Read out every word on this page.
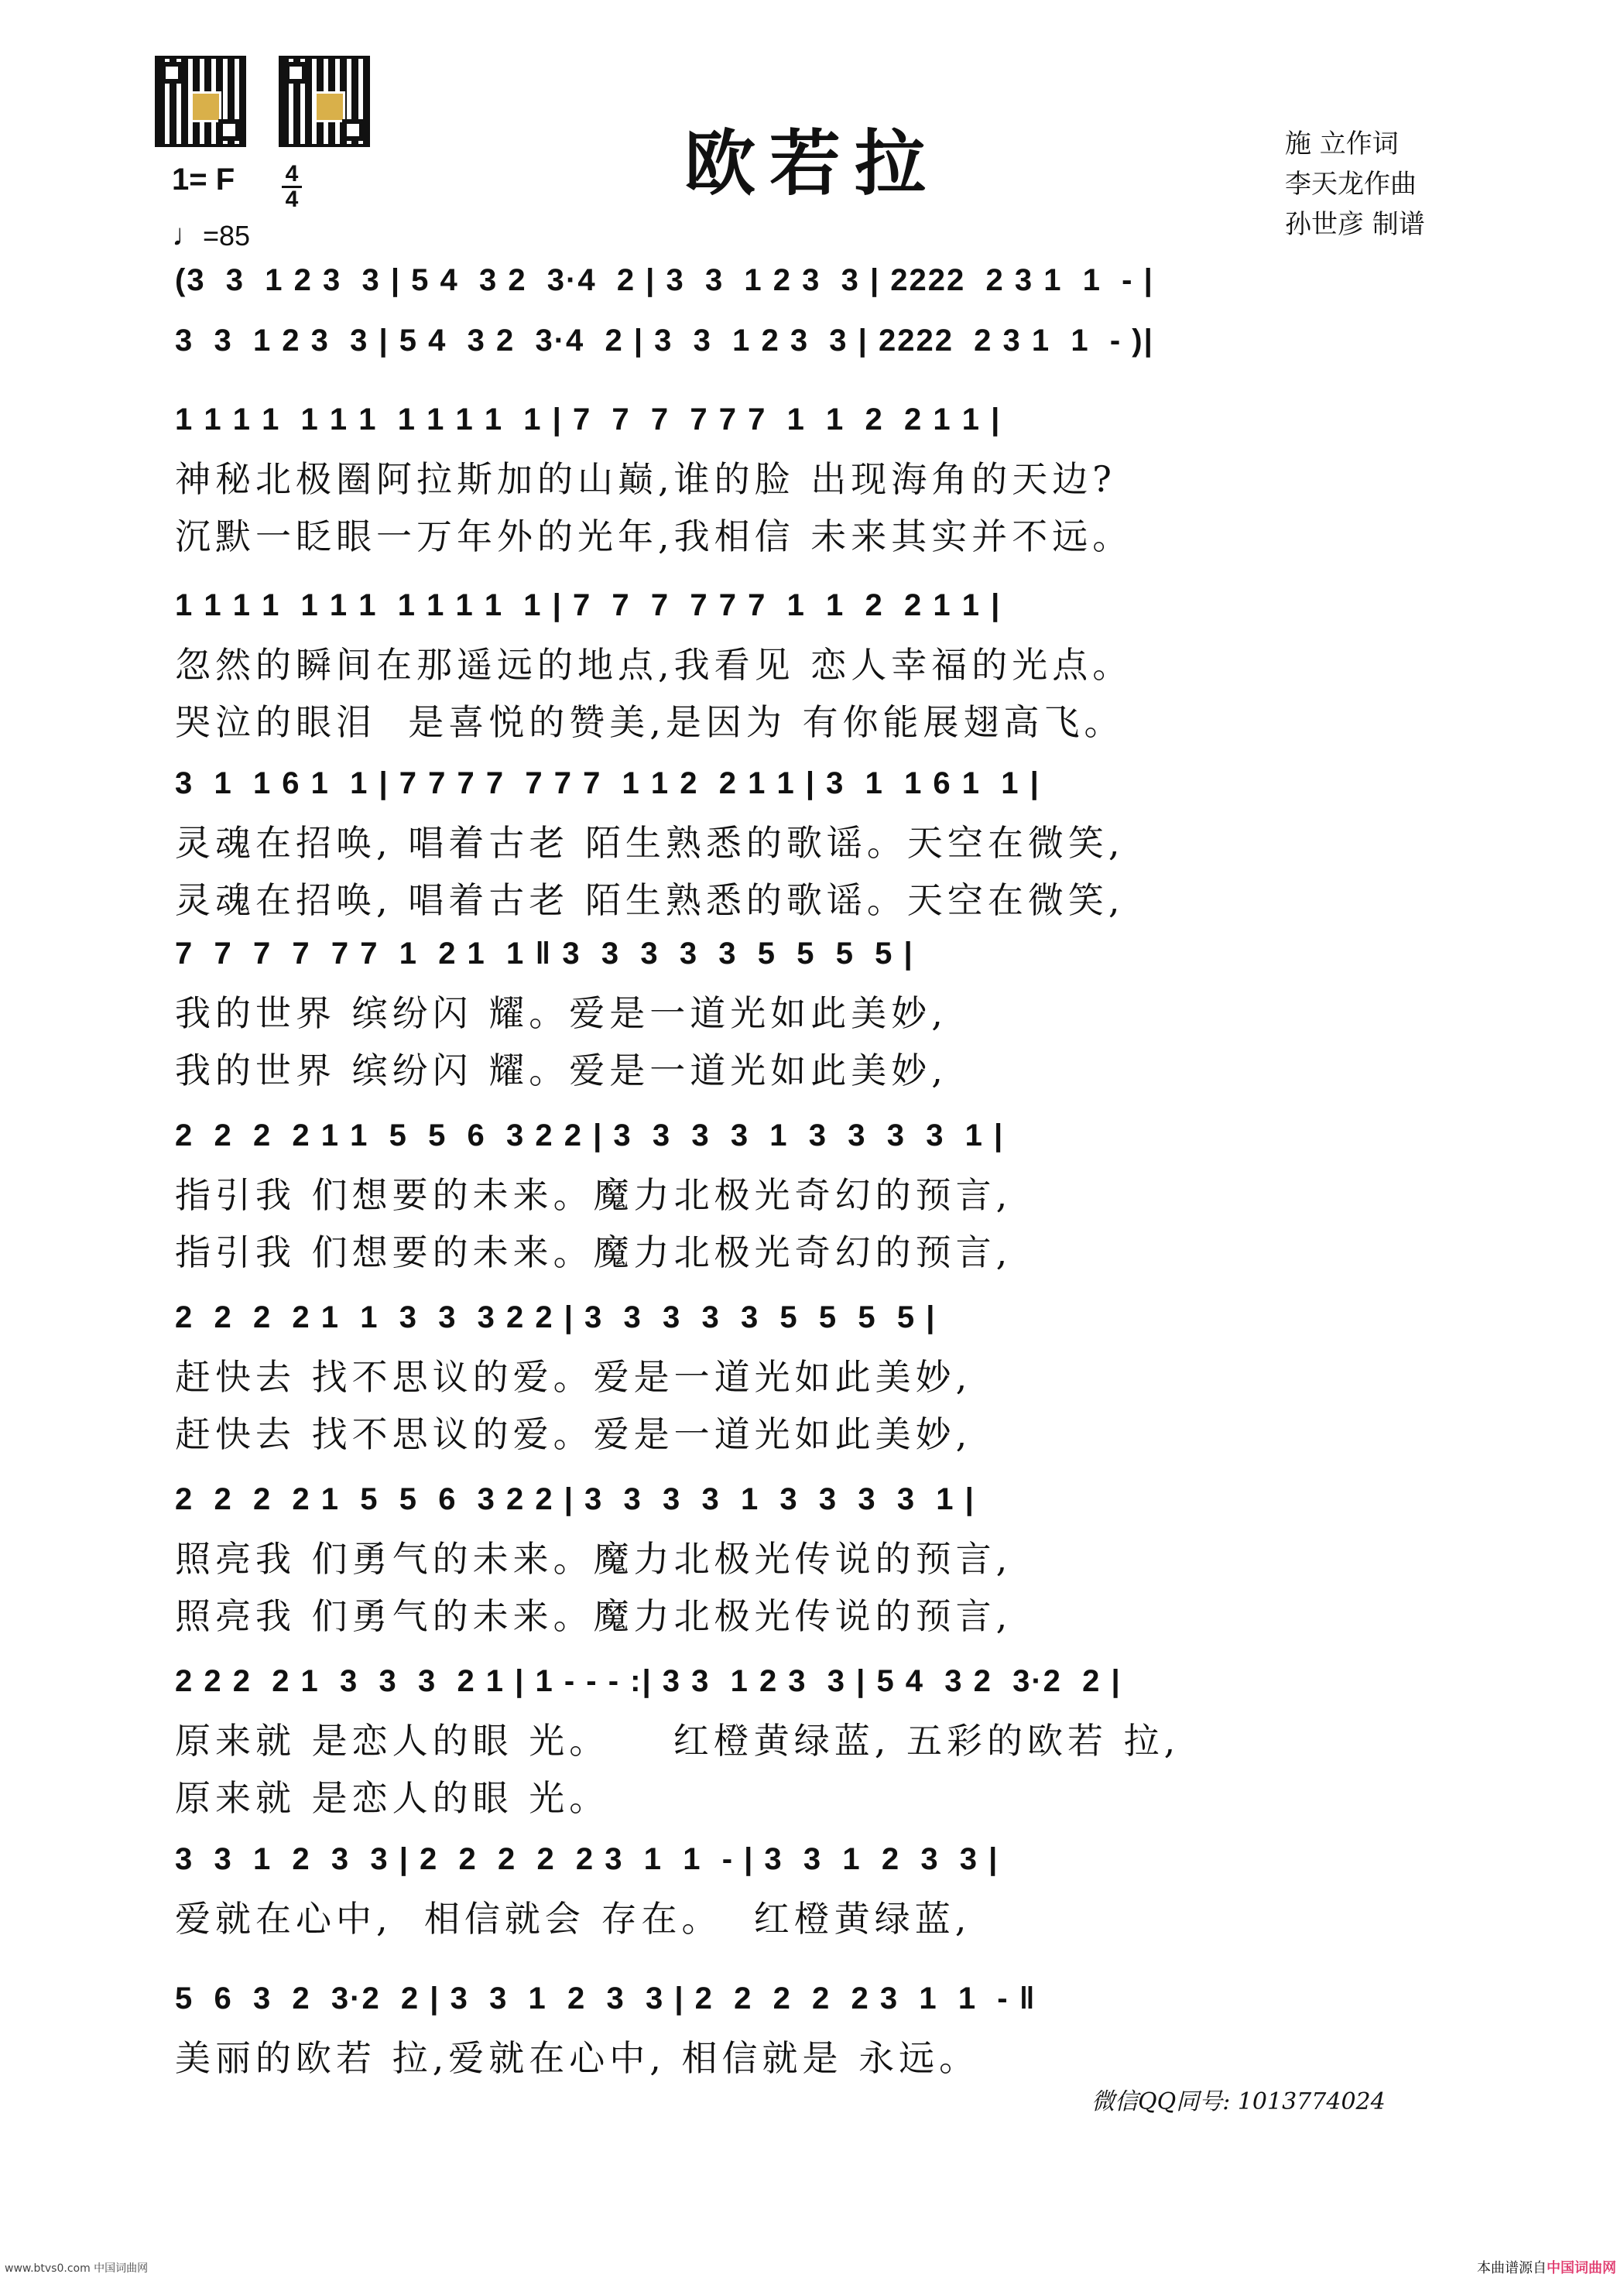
欧若拉	施 立作词
李天龙作曲
孙世彦 制谱
1= F 4
4
♩=85
(3  3  1 2 3  3 | 5 4  3 2  3·4  2 | 3  3  1 2 3  3 | 2222  2 3 1  1  - |
3  3  1 2 3  3 | 5 4  3 2  3·4  2 | 3  3  1 2 3  3 | 2222  2 3 1  1  - )|
1 1 1 1  1 1 1  1 1 1 1  1 | 7  7  7  7 7 7  1  1  2  2 1 1 |
神秘北极圈阿拉斯加的山巅,谁的脸 出现海角的天边?
沉默一眨眼一万年外的光年,我相信 未来其实并不远。
1 1 1 1  1 1 1  1 1 1 1  1 | 7  7  7  7 7 7  1  1  2  2 1 1 |
忽然的瞬间在那遥远的地点,我看见 恋人幸福的光点。
哭泣的眼泪  是喜悦的赞美,是因为 有你能展翅高飞。
3  1  1 6 1  1 | 7 7 7 7  7 7 7  1 1 2  2 1 1 | 3  1  1 6 1  1 |
灵魂在招唤, 唱着古老 陌生熟悉的歌谣。天空在微笑,
灵魂在招唤, 唱着古老 陌生熟悉的歌谣。天空在微笑,
7  7  7  7  7 7  1  2 1  1 ‖ 3  3  3  3  3  5  5  5  5 |
我的世界 缤纷闪 耀。爱是一道光如此美妙,
我的世界 缤纷闪 耀。爱是一道光如此美妙,
2  2  2  2 1 1  5  5  6  3 2 2 | 3  3  3  3  1  3  3  3  3  1 |
指引我 们想要的未来。魔力北极光奇幻的预言,
指引我 们想要的未来。魔力北极光奇幻的预言,
2  2  2  2 1  1  3  3  3 2 2 | 3  3  3  3  3  5  5  5  5 |
赶快去 找不思议的爱。爱是一道光如此美妙,
赶快去 找不思议的爱。爱是一道光如此美妙,
2  2  2  2 1  5  5  6  3 2 2 | 3  3  3  3  1  3  3  3  3  1 |
照亮我 们勇气的未来。魔力北极光传说的预言,
照亮我 们勇气的未来。魔力北极光传说的预言,
2 2 2  2 1  3  3  3  2 1 | 1 - - - :| 3 3  1 2 3  3 | 5 4  3 2  3·2  2 |
原来就 是恋人的眼 光。    红橙黄绿蓝, 五彩的欧若 拉,
原来就 是恋人的眼 光。
3  3  1  2  3  3 | 2  2  2  2  2 3  1  1  - | 3  3  1  2  3  3 |
爱就在心中,  相信就会 存在。  红橙黄绿蓝,
5  6  3  2  3·2  2 | 3  3  1  2  3  3 | 2  2  2  2  2 3  1  1  - ‖
美丽的欧若 拉,爱就在心中, 相信就是 永远。
微信QQ同号: 1013774024
www.btvs0.com 中国词曲网	本曲谱源自中国词曲网
